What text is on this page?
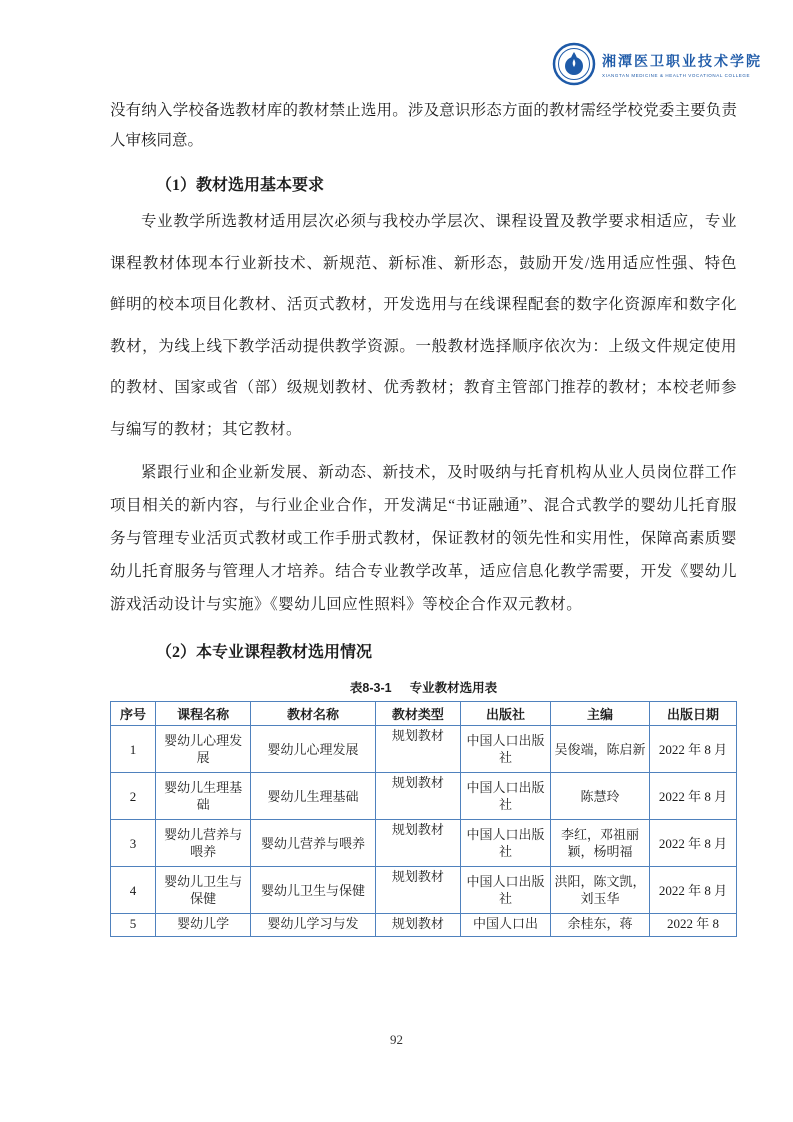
湘潭医卫职业技术学院
XIANGTAN MEDICINE & HEALTH VOCATIONAL COLLEGE

没有纳入学校备选教材库的教材禁止选用。涉及意识形态方面的教材需经学校党委主要负责人审核同意。

（1）教材选用基本要求

专业教学所选教材适用层次必须与我校办学层次、课程设置及教学要求相适应，专业课程教材体现本行业新技术、新规范、新标准、新形态，鼓励开发/选用适应性强、特色鲜明的校本项目化教材、活页式教材，开发选用与在线课程配套的数字化资源库和数字化教材，为线上线下教学活动提供教学资源。一般教材选择顺序依次为：上级文件规定使用的教材、国家或省（部）级规划教材、优秀教材；教育主管部门推荐的教材；本校老师参与编写的教材；其它教材。

紧跟行业和企业新发展、新动态、新技术，及时吸纳与托育机构从业人员岗位群工作项目相关的新内容，与行业企业合作，开发满足“书证融通”、混合式教学的婴幼儿托育服务与管理专业活页式教材或工作手册式教材，保证教材的领先性和实用性，保障高素质婴幼儿托育服务与管理人才培养。结合专业教学改革，适应信息化教学需要，开发《婴幼儿游戏活动设计与实施》《婴幼儿回应性照料》等校企合作双元教材。

（2）本专业课程教材选用情况

表8-3-1 专业教材选用表

序号	课程名称	教材名称	教材类型	出版社	主编	出版日期
1	婴幼儿心理发展	婴幼儿心理发展	规划教材	中国人口出版社	吴俊端，陈启新	2022 年 8 月
2	婴幼儿生理基础	婴幼儿生理基础	规划教材	中国人口出版社	陈慧玲	2022 年 8 月
3	婴幼儿营养与喂养	婴幼儿营养与喂养	规划教材	中国人口出版社	李红，邓祖丽颖，杨明福	2022 年 8 月
4	婴幼儿卫生与保健	婴幼儿卫生与保健	规划教材	中国人口出版社	洪阳，陈文凯，刘玉华	2022 年 8 月
5	婴幼儿学	婴幼儿学习与发	规划教材	中国人口出	余桂东，蒋	2022 年 8
92
